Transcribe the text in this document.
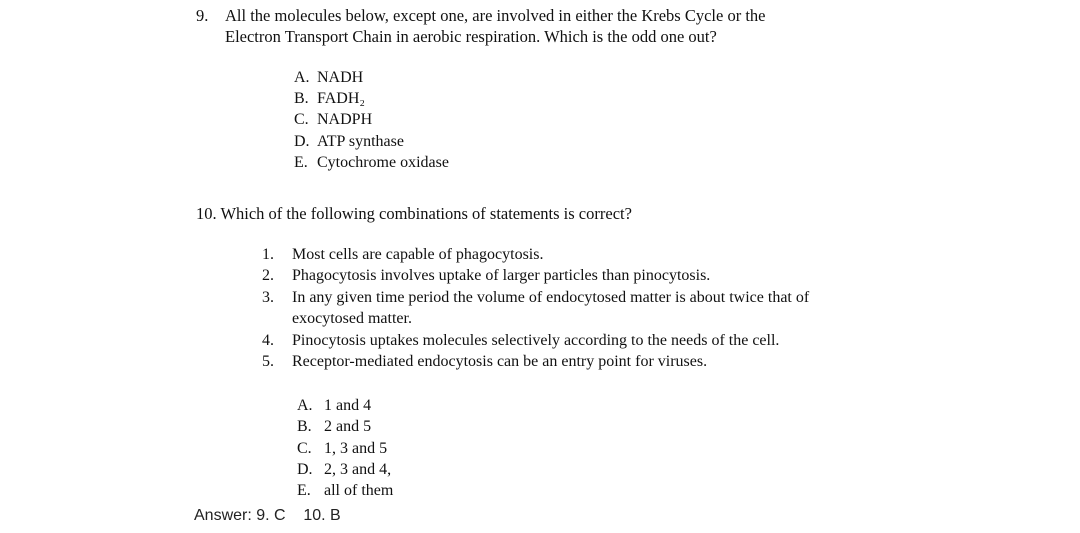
9. All the molecules below, except one, are involved in either the Krebs Cycle or the
Electron Transport Chain in aerobic respiration. Which is the odd one out?
A. NADH
B. FADH₂
C. NADPH
D. ATP synthase
E. Cytochrome oxidase
10. Which of the following combinations of statements is correct?
1. Most cells are capable of phagocytosis.
2. Phagocytosis involves uptake of larger particles than pinocytosis.
3. In any given time period the volume of endocytosed matter is about twice that of
exocytosed matter.
4. Pinocytosis uptakes molecules selectively according to the needs of the cell.
5. Receptor-mediated endocytosis can be an entry point for viruses.
A. 1 and 4
B. 2 and 5
C. 1, 3 and 5
D. 2, 3 and 4,
E. all of them
Answer: 9. C    10. B
